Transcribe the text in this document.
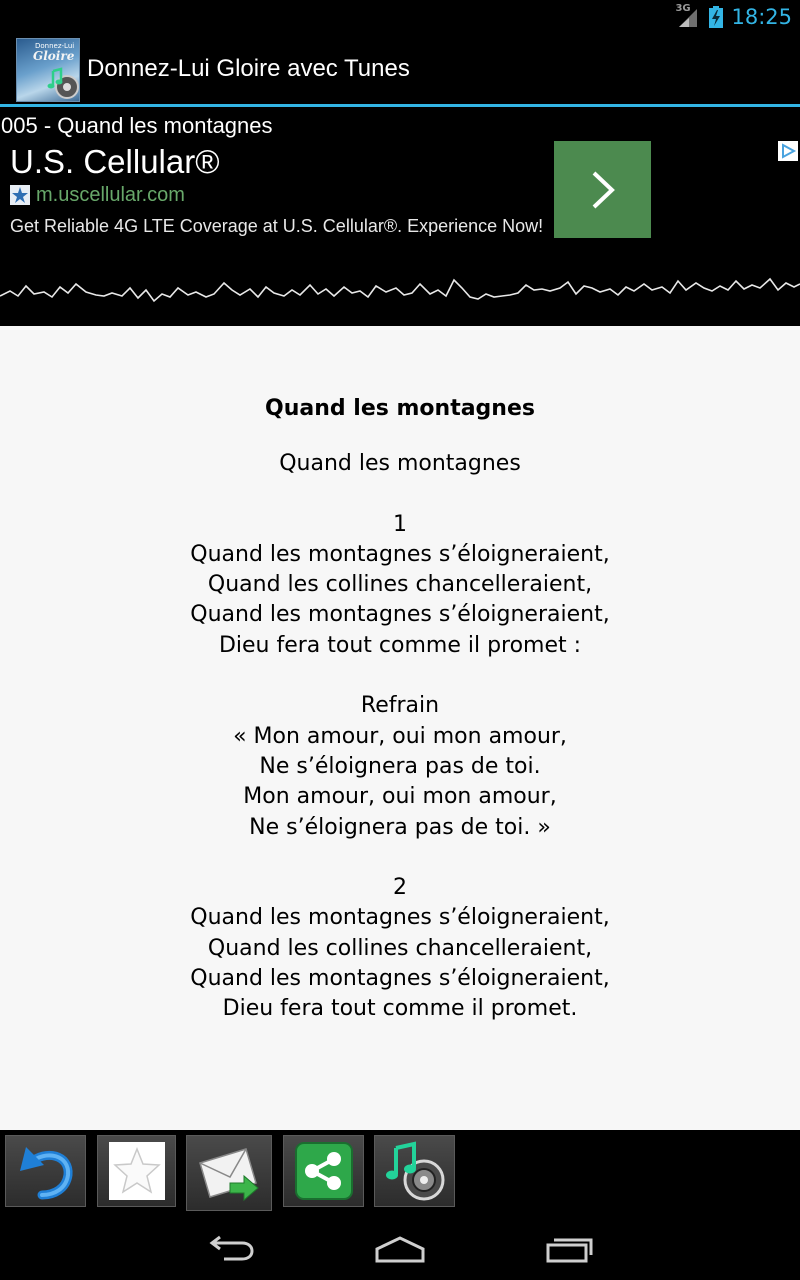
3G 18:25
Donnez-Lui
Gloire Donnez-Lui Gloire avec Tunes
005 - Quand les montagnes
U.S. Cellular®
m.uscellular.com
Get Reliable 4G LTE Coverage at U.S. Cellular®. Experience Now!
Quand les montagnes
Quand les montagnes
1
Quand les montagnes s’éloigneraient,
Quand les collines chancelleraient,
Quand les montagnes s’éloigneraient,
Dieu fera tout comme il promet :
Refrain
« Mon amour, oui mon amour,
Ne s’éloignera pas de toi.
Mon amour, oui mon amour,
Ne s’éloignera pas de toi. »
2
Quand les montagnes s’éloigneraient,
Quand les collines chancelleraient,
Quand les montagnes s’éloigneraient,
Dieu fera tout comme il promet.
